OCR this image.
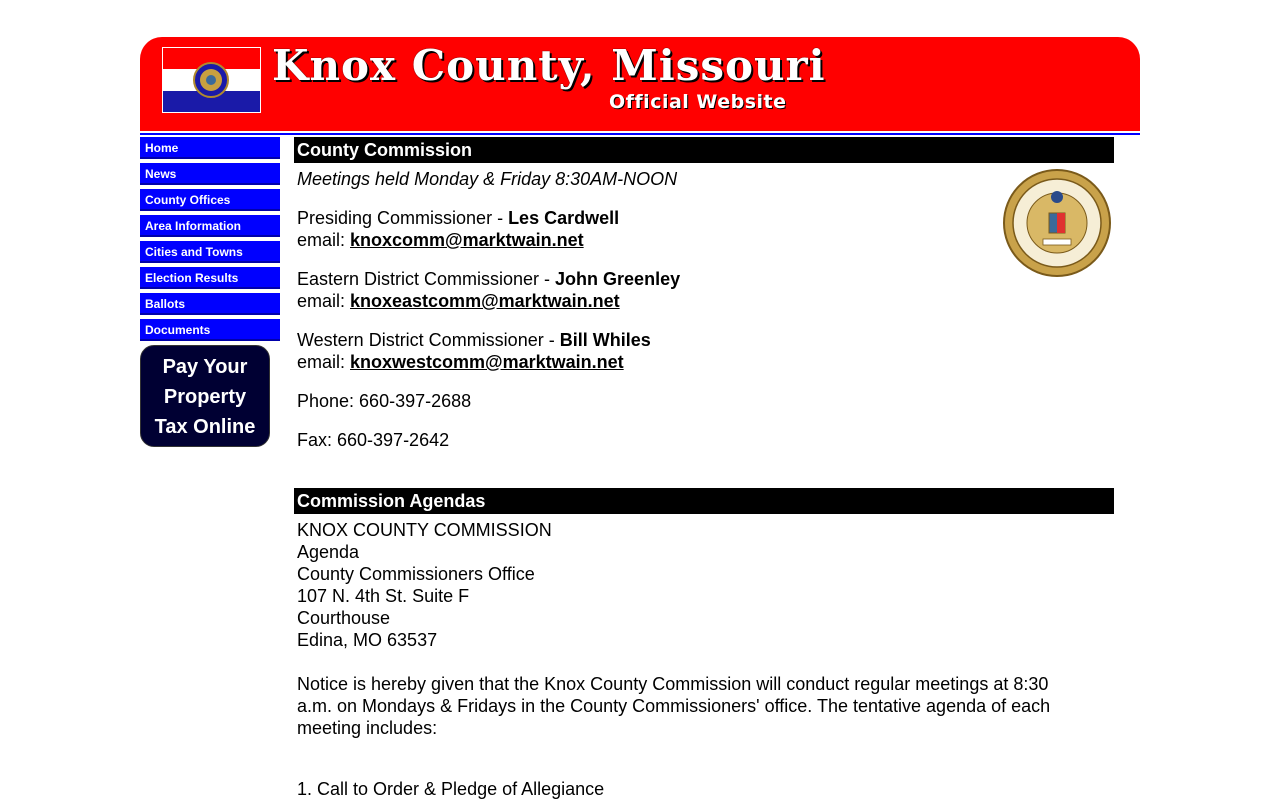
Knox County, Missouri
Official Website
Home
News
County Offices
Area Information
Cities and Towns
Election Results
Ballots
Documents
Pay Your
Property
Tax Online
County Commission

Meetings held Monday & Friday 8:30AM-NOON

Presiding Commissioner - Les Cardwell

email: knoxcomm@marktwain.net

Eastern District Commissioner - John Greenley

email: knoxeastcomm@marktwain.net

Western District Commissioner - Bill Whiles

email: knoxwestcomm@marktwain.net

Phone: 660-397-2688

Fax: 660-397-2642

Commission Agendas

KNOX COUNTY COMMISSION

Agenda

County Commissioners Office

107 N. 4th St. Suite F

Courthouse

Edina, MO 63537

Notice is hereby given that the Knox County Commission will conduct regular meetings at 8:30 a.m. on Mondays & Fridays in the County Commissioners' office. The tentative agenda of each meeting includes:

1. Call to Order & Pledge of Allegiance
